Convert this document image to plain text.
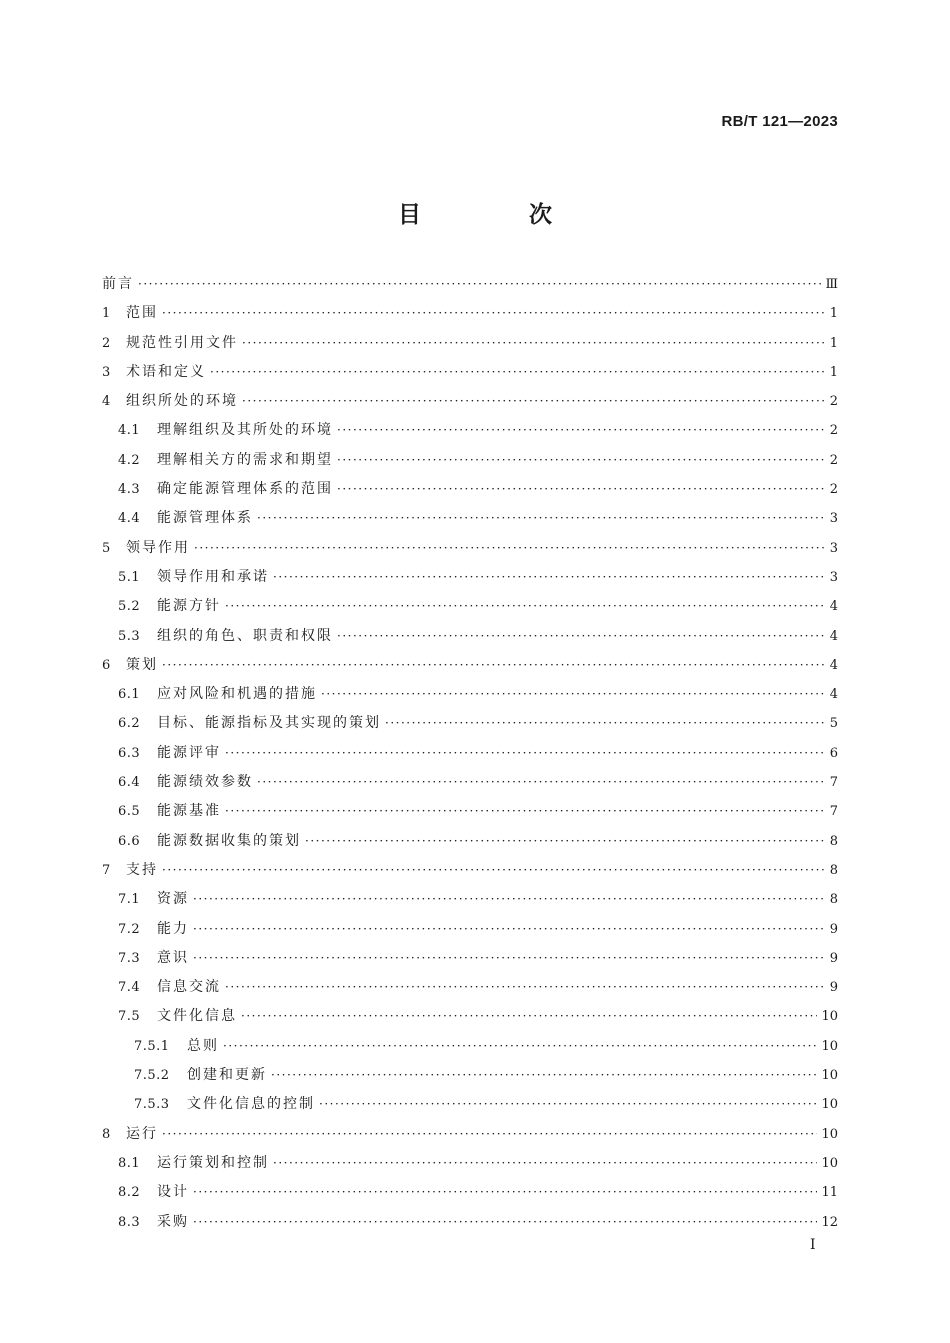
RB/T 121—2023
目 次
前言 ·····	Ⅲ
1	范围 ·····	1
2	规范性引用文件 ·····	1
3	术语和定义 ·····	1
4	组织所处的环境 ·····	2
4.1	理解组织及其所处的环境 ·····	2
4.2	理解相关方的需求和期望 ·····	2
4.3	确定能源管理体系的范围 ·····	2
4.4	能源管理体系 ·····	3
5	领导作用 ·····	3
5.1	领导作用和承诺 ·····	3
5.2	能源方针 ·····	4
5.3	组织的角色、职责和权限 ·····	4
6	策划 ·····	4
6.1	应对风险和机遇的措施 ·····	4
6.2	目标、能源指标及其实现的策划 ·····	5
6.3	能源评审 ·····	6
6.4	能源绩效参数 ·····	7
6.5	能源基准 ·····	7
6.6	能源数据收集的策划 ·····	8
7	支持 ·····	8
7.1	资源 ·····	8
7.2	能力 ·····	9
7.3	意识 ·····	9
7.4	信息交流 ·····	9
7.5	文件化信息 ·····	10
7.5.1	总则 ·····	10
7.5.2	创建和更新 ·····	10
7.5.3	文件化信息的控制 ·····	10
8	运行 ·····	10
8.1	运行策划和控制 ·····	10
8.2	设计 ·····	11
8.3	采购 ·····	12
I
